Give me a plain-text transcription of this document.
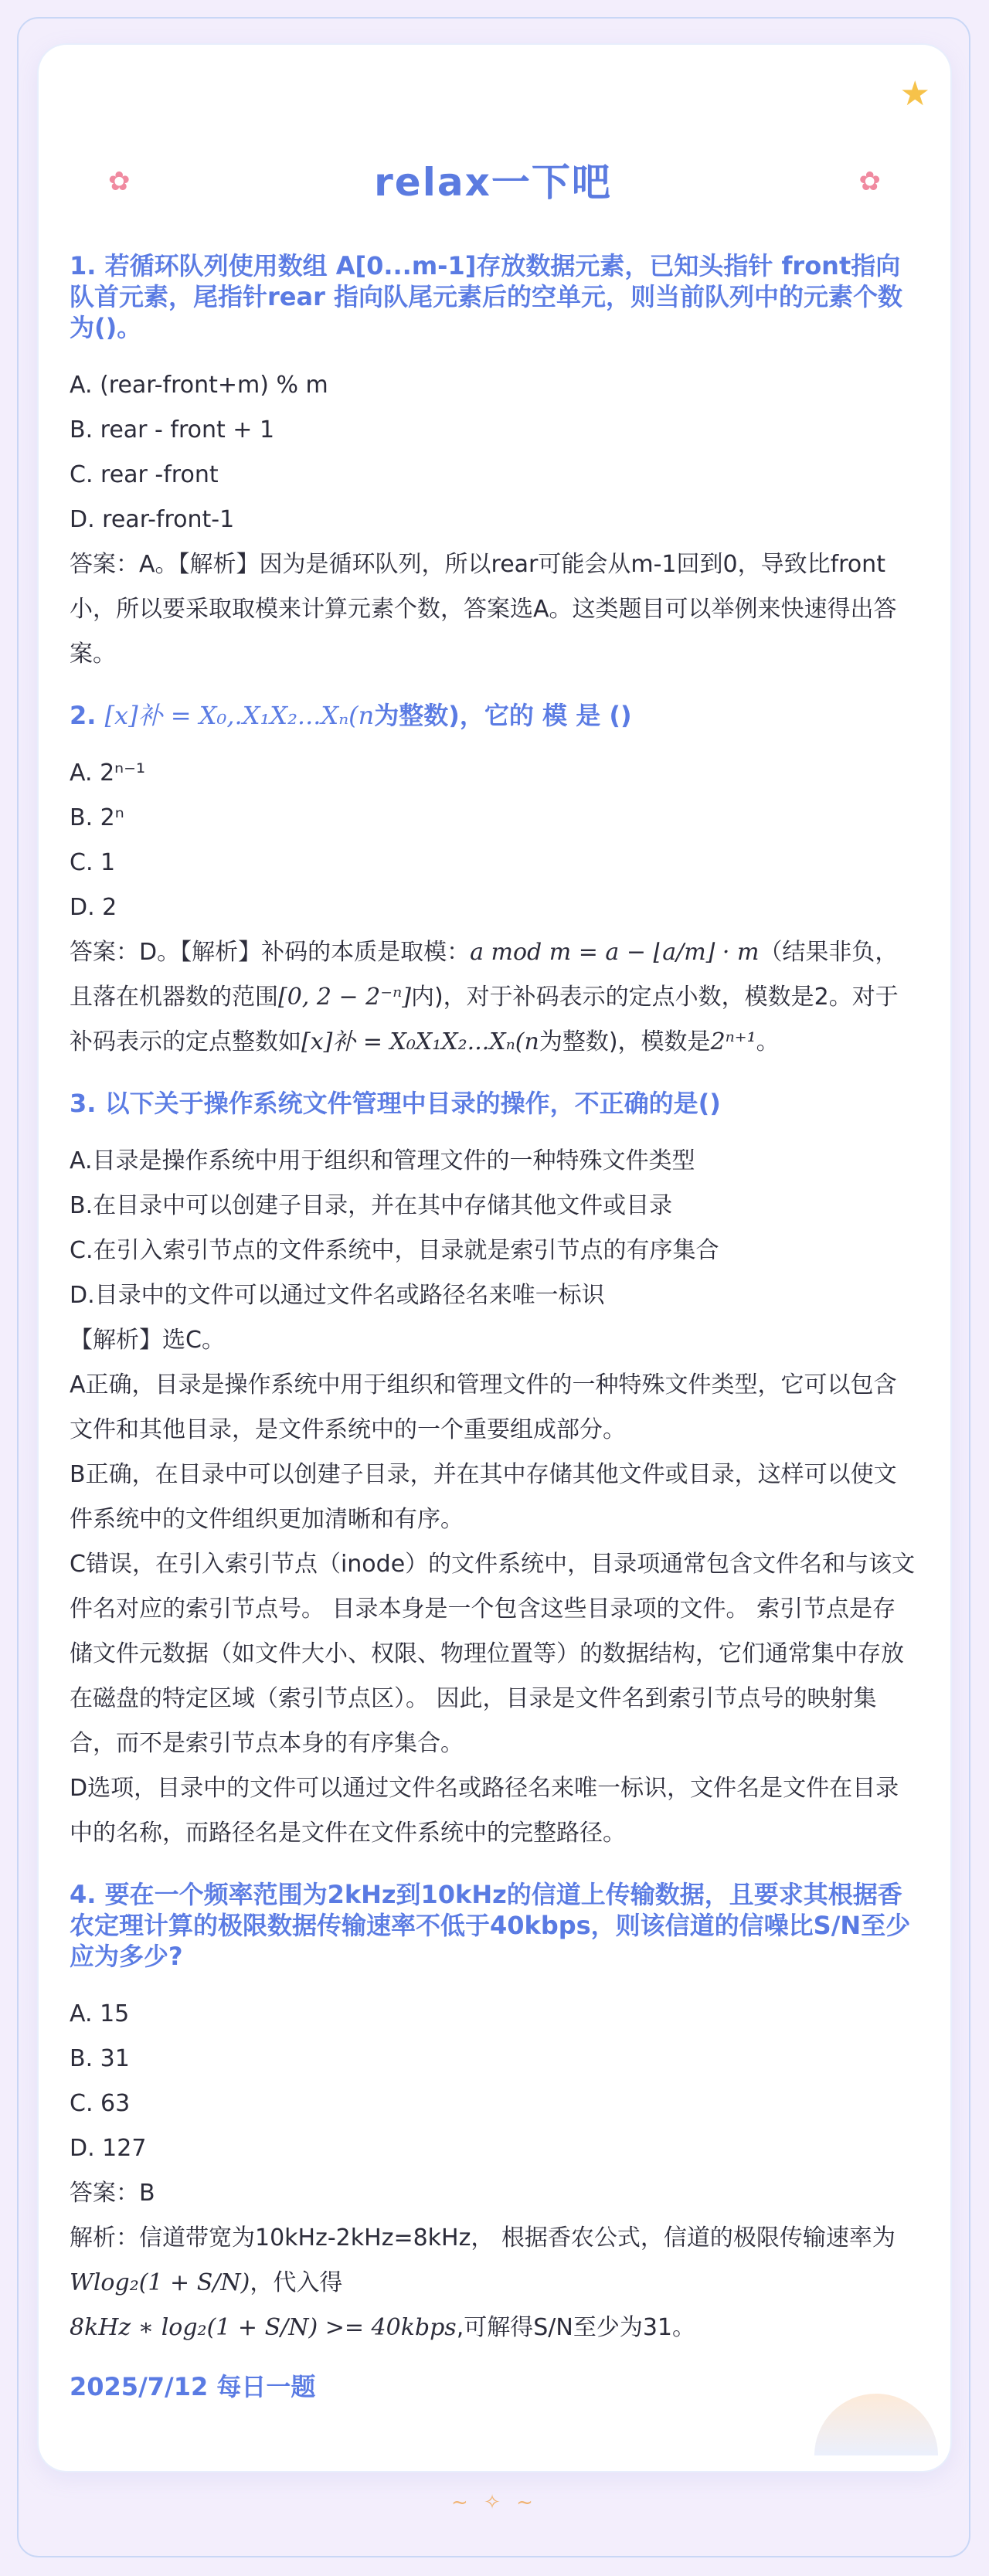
★
✿	✿
relax一下吧
1. 若循环队列使用数组 A[0...m-1]存放数据元素，已知头指针 front指向队首元素，尾指针rear 指向队尾元素后的空单元，则当前队列中的元素个数为()。
A. (rear-front+m) % m
B. rear - front + 1
C. rear -front
D. rear-front-1
答案：A。【解析】因为是循环队列，所以rear可能会从m-1回到0，导致比front小，所以要采取取模来计算元素个数，答案选A。这类题目可以举例来快速得出答案。
2. [x]补 = X₀,.X₁X₂...Xₙ(n为整数)，它的 模 是 ()
A. 2ⁿ⁻¹
B. 2ⁿ
C. 1
D. 2
答案：D。【解析】补码的本质是取模：a mod m = a − ⌊a/m⌋ · m（结果非负，且落在机器数的范围[0, 2 − 2⁻ⁿ]内)，对于补码表示的定点小数，模数是2。对于补码表示的定点整数如[x]补 = X₀X₁X₂...Xₙ(n为整数)，模数是2ⁿ⁺¹。
3. 以下关于操作系统文件管理中目录的操作，不正确的是()
A.目录是操作系统中用于组织和管理文件的一种特殊文件类型
B.在目录中可以创建子目录，并在其中存储其他文件或目录
C.在引入索引节点的文件系统中，目录就是索引节点的有序集合
D.目录中的文件可以通过文件名或路径名来唯一标识
【解析】选C。
A正确，目录是操作系统中用于组织和管理文件的一种特殊文件类型，它可以包含文件和其他目录，是文件系统中的一个重要组成部分。
B正确，在目录中可以创建子目录，并在其中存储其他文件或目录，这样可以使文件系统中的文件组织更加清晰和有序。
C错误，在引入索引节点（inode）的文件系统中，目录项通常包含文件名和与该文件名对应的索引节点号。 目录本身是一个包含这些目录项的文件。 索引节点是存储文件元数据（如文件大小、权限、物理位置等）的数据结构，它们通常集中存放在磁盘的特定区域（索引节点区）。 因此，目录是文件名到索引节点号的映射集合，而不是索引节点本身的有序集合。
D选项，目录中的文件可以通过文件名或路径名来唯一标识，文件名是文件在目录中的名称，而路径名是文件在文件系统中的完整路径。
4. 要在一个频率范围为2kHz到10kHz的信道上传输数据，且要求其根据香农定理计算的极限数据传输速率不低于40kbps，则该信道的信噪比S/N至少应为多少?
A. 15
B. 31
C. 63
D. 127
答案：B
解析：信道带宽为10kHz-2kHz=8kHz， 根据香农公式，信道的极限传输速率为Wlog₂(1 + S/N)，代入得
8kHz ∗ log₂(1 + S/N) >= 40kbps,可解得S/N至少为31。
2025/7/12 每日一题
~ ✧ ~
